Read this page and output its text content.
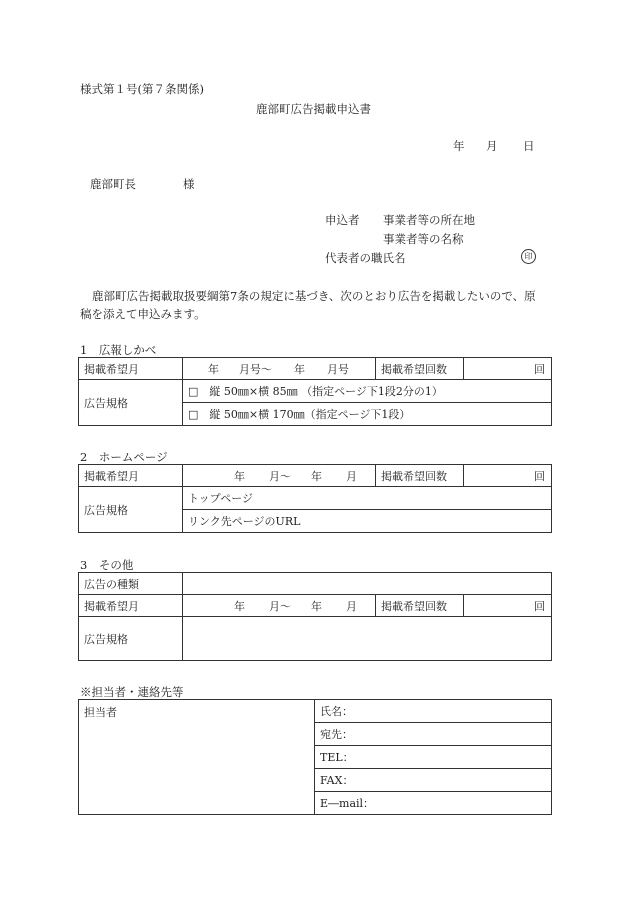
様式第１号(第７条関係)
鹿部町広告掲載申込書
年 月 日
鹿部町長	様
申込者 事業者等の所在地
事業者等の名称
代表者の職氏名	印
鹿部町広告掲載取扱要綱第7条の規定に基づき、次のとおり広告を掲載したいので、原
稿を添えて申込みます。
1　広報しかべ
掲載希望月	年 月号～ 年 月号	掲載希望回数	回
広告規格	□　縦 50㎜×横 85㎜ （指定ページ下1段2分の1）		
	□　縦 50㎜×横 170㎜（指定ページ下1段）		
2　ホームページ
掲載希望月	年 月～ 年 月	掲載希望回数	回
広告規格	トップページ		
	リンク先ページのURL		
3　その他
広告の種類			
掲載希望月	年 月～ 年 月	掲載希望回数	回
広告規格			
※担当者・連絡先等
担当者	氏名：
宛先：
TEL：
FAX：
E―mail：
